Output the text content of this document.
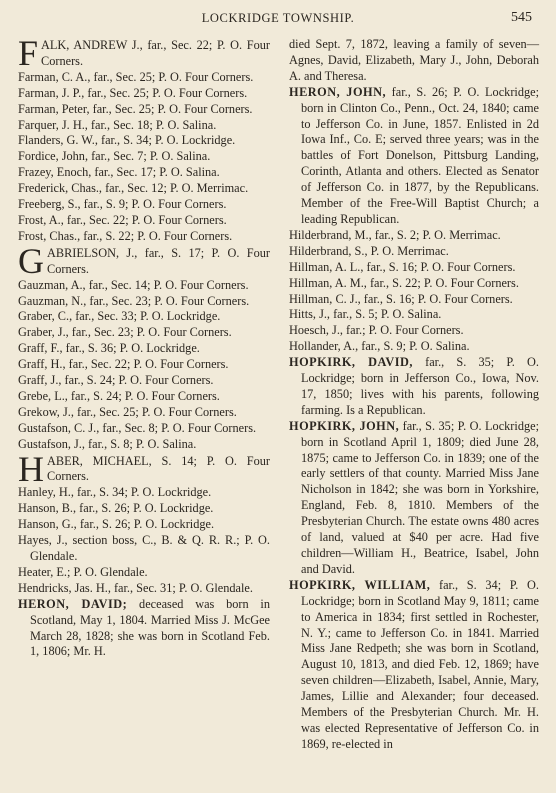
LOCKRIDGE TOWNSHIP.	545

FALK, ANDREW J., far., Sec. 22; P. O. Four Corners.

Farman, C. A., far., Sec. 25; P. O. Four Corners.

Farman, J. P., far., Sec. 25; P. O. Four Corners.

Farman, Peter, far., Sec. 25; P. O. Four Corners.

Farquer, J. H., far., Sec. 18; P. O. Salina.

Flanders, G. W., far., S. 34; P. O. Lockridge.

Fordice, John, far., Sec. 7; P. O. Salina.

Frazey, Enoch, far., Sec. 17; P. O. Salina.

Frederick, Chas., far., Sec. 12; P. O. Merrimac.

Freeberg, S., far., S. 9; P. O. Four Corners.

Frost, A., far., Sec. 22; P. O. Four Corners.

Frost, Chas., far., S. 22; P. O. Four Corners.

GABRIELSON, J., far., S. 17; P. O. Four Corners.

Gauzman, A., far., Sec. 14; P. O. Four Corners.

Gauzman, N., far., Sec. 23; P. O. Four Corners.

Graber, C., far., Sec. 33; P. O. Lockridge.

Graber, J., far., Sec. 23; P. O. Four Corners.

Graff, F., far., S. 36; P. O. Lockridge.

Graff, H., far., Sec. 22; P. O. Four Corners.

Graff, J., far., S. 24; P. O. Four Corners.

Grebe, L., far., S. 24; P. O. Four Corners.

Grekow, J., far., Sec. 25; P. O. Four Corners.

Gustafson, C. J., far., Sec. 8; P. O. Four Corners.

Gustafson, J., far., S. 8; P. O. Salina.

HABER, MICHAEL, S. 14; P. O. Four Corners.

Hanley, H., far., S. 34; P. O. Lockridge.

Hanson, B., far., S. 26; P. O. Lockridge.

Hanson, G., far., S. 26; P. O. Lockridge.

Hayes, J., section boss, C., B. & Q. R. R.; P. O. Glendale.

Heater, E.; P. O. Glendale.

Hendricks, Jas. H., far., Sec. 31; P. O. Glendale.

HERON, DAVID; deceased was born in Scotland, May 1, 1804. Married Miss J. McGee March 28, 1828; she was born in Scotland Feb. 1, 1806; Mr. H.

died Sept. 7, 1872, leaving a family of seven—Agnes, David, Elizabeth, Mary J., John, Deborah A. and Theresa.

HERON, JOHN, far., S. 26; P. O. Lockridge; born in Clinton Co., Penn., Oct. 24, 1840; came to Jefferson Co. in June, 1857. Enlisted in 2d Iowa Inf., Co. E; served three years; was in the battles of Fort Donelson, Pittsburg Landing, Corinth, Atlanta and others. Elected as Senator of Jefferson Co. in 1877, by the Republicans. Member of the Free-Will Baptist Church; a leading Republican.

Hilderbrand, M., far., S. 2; P. O. Merrimac.

Hilderbrand, S., P. O. Merrimac.

Hillman, A. L., far., S. 16; P. O. Four Corners.

Hillman, A. M., far., S. 22; P. O. Four Corners.

Hillman, C. J., far., S. 16; P. O. Four Corners.

Hitts, J., far., S. 5; P. O. Salina.

Hoesch, J., far.; P. O. Four Corners.

Hollander, A., far., S. 9; P. O. Salina.

HOPKIRK, DAVID, far., S. 35; P. O. Lockridge; born in Jefferson Co., Iowa, Nov. 17, 1850; lives with his parents, following farming. Is a Republican.

HOPKIRK, JOHN, far., S. 35; P. O. Lockridge; born in Scotland April 1, 1809; died June 28, 1875; came to Jefferson Co. in 1839; one of the early settlers of that county. Married Miss Jane Nicholson in 1842; she was born in Yorkshire, England, Feb. 8, 1810. Members of the Presbyterian Church. The estate owns 480 acres of land, valued at $40 per acre. Had five children—William H., Beatrice, Isabel, John and David.

HOPKIRK, WILLIAM, far., S. 34; P. O. Lockridge; born in Scotland May 9, 1811; came to America in 1834; first settled in Rochester, N. Y.; came to Jefferson Co. in 1841. Married Miss Jane Redpeth; she was born in Scotland, August 10, 1813, and died Feb. 12, 1869; have seven children—Elizabeth, Isabel, Annie, Mary, James, Lillie and Alexander; four deceased. Members of the Presbyterian Church. Mr. H. was elected Representative of Jefferson Co. in 1869, re-elected in
